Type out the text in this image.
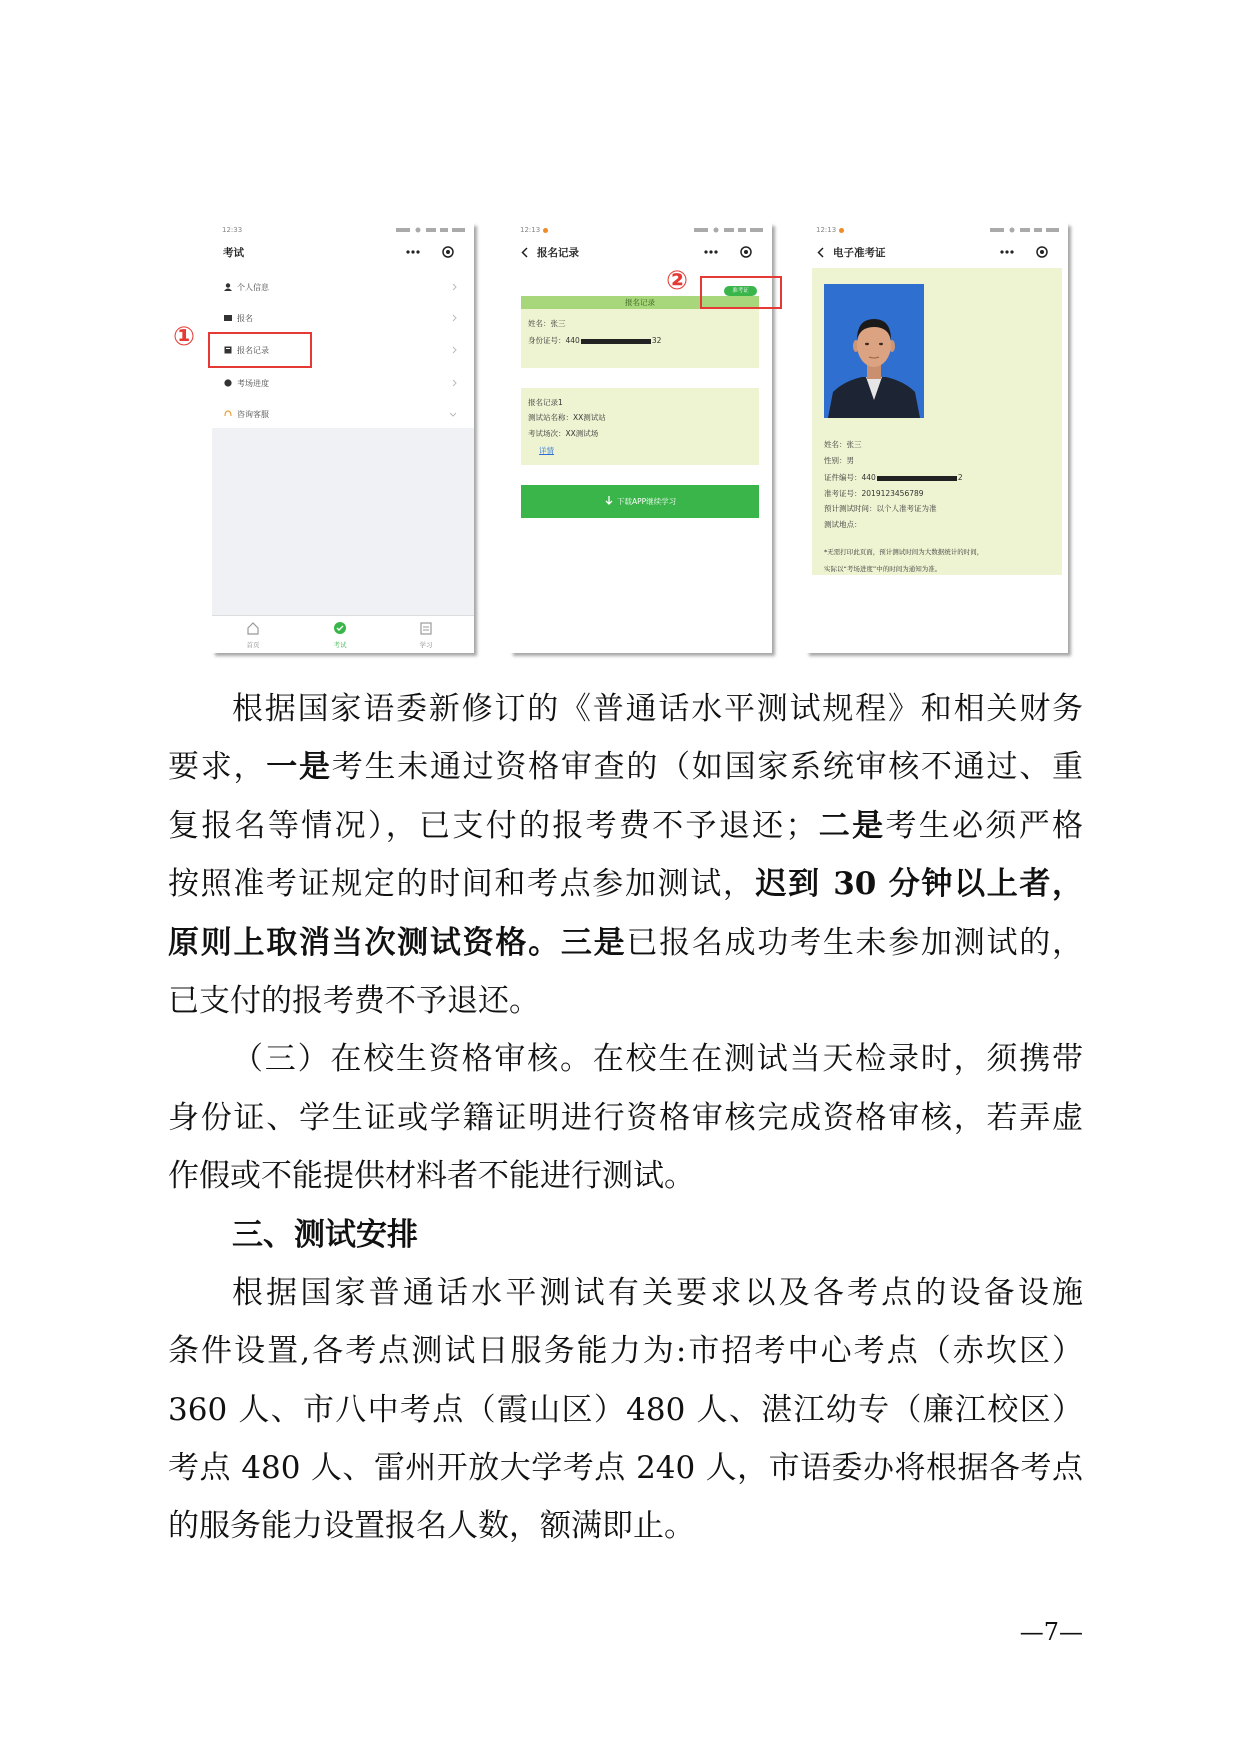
12:33
考试
个人信息
报名
报名记录
考场进度
咨询客服
首页	考试	学习
①
12:13
报名记录
准考证
报名记录
姓名：张三
身份证号：440	32
报名记录1
测试站名称：XX测试站
考试场次：XX测试场
详情
下载APP继续学习
②
12:13
电子准考证
姓名：张三
性别：男
证件编号：440	2
准考证号：2019123456789
预计测试时间：以个人准考证为准
测试地点：
*无需打印此页面，预计测试时间为大数据统计的时间，
实际以“考场进度”中的时间为通知为准。
根据国家语委新修订的《普通话水平测试规程》和相关财务
要求，一是考生未通过资格审查的（如国家系统审核不通过、重
复报名等情况），已支付的报考费不予退还；二是考生必须严格
按照准考证规定的时间和考点参加测试，迟到 30 分钟以上者，
原则上取消当次测试资格。三是已报名成功考生未参加测试的，
已支付的报考费不予退还。
（三）在校生资格审核。在校生在测试当天检录时，须携带
身份证、学生证或学籍证明进行资格审核完成资格审核，若弄虚
作假或不能提供材料者不能进行测试。
三、测试安排
根据国家普通话水平测试有关要求以及各考点的设备设施
条件设置,各考点测试日服务能力为:市招考中心考点（赤坎区）
360 人、市八中考点（霞山区）480 人、湛江幼专（廉江校区）
考点 480 人、雷州开放大学考点 240 人，市语委办将根据各考点
的服务能力设置报名人数，额满即止。
—7—
